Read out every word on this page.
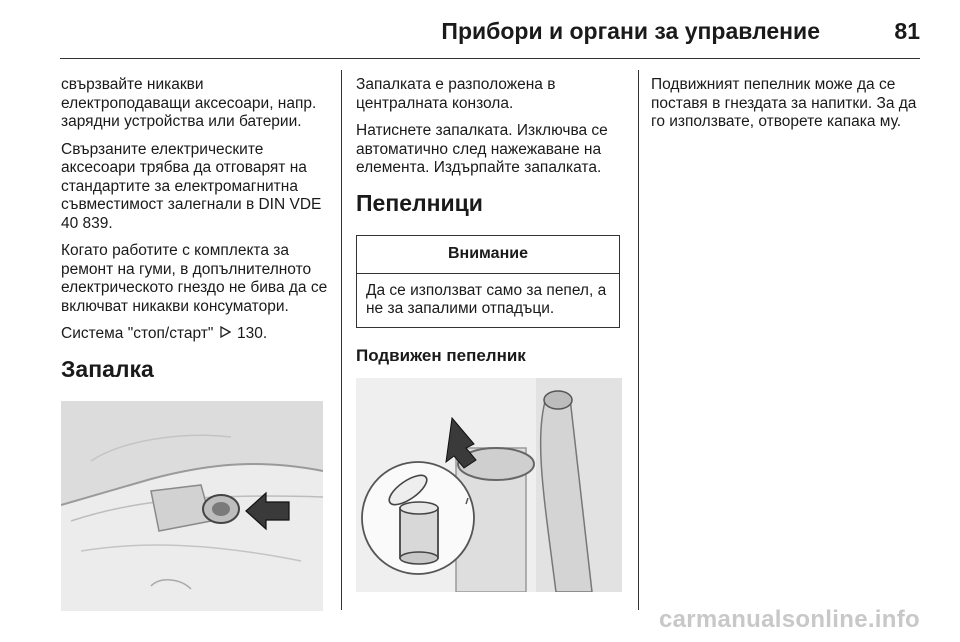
Прибори и органи за управление	81

свързвайте никакви електроподаващи аксесоари, напр. зарядни устройства или батерии.

Свързаните електрическите аксесоари трябва да отговарят на стандартите за електромагнитна съвместимост залегнали в DIN VDE 40 839.

Когато работите с комплекта за ремонт на гуми, в допълнителното електрическото гнездо не бива да се включват никакви консуматори.

Система "стоп/старт" 130.

Запалка

Запалката е разположена в централната конзола.

Натиснете запалката. Изключва се автоматично след нажежаване на елемента. Издърпайте запалката.

Пепелници
Внимание
Да се използват само за пепел, а не за запалими отпадъци.
Подвижен пепелник

Подвижният пепелник може да се поставя в гнездата за напитки. За да го използвате, отворете капака му.

carmanualsonline.info
